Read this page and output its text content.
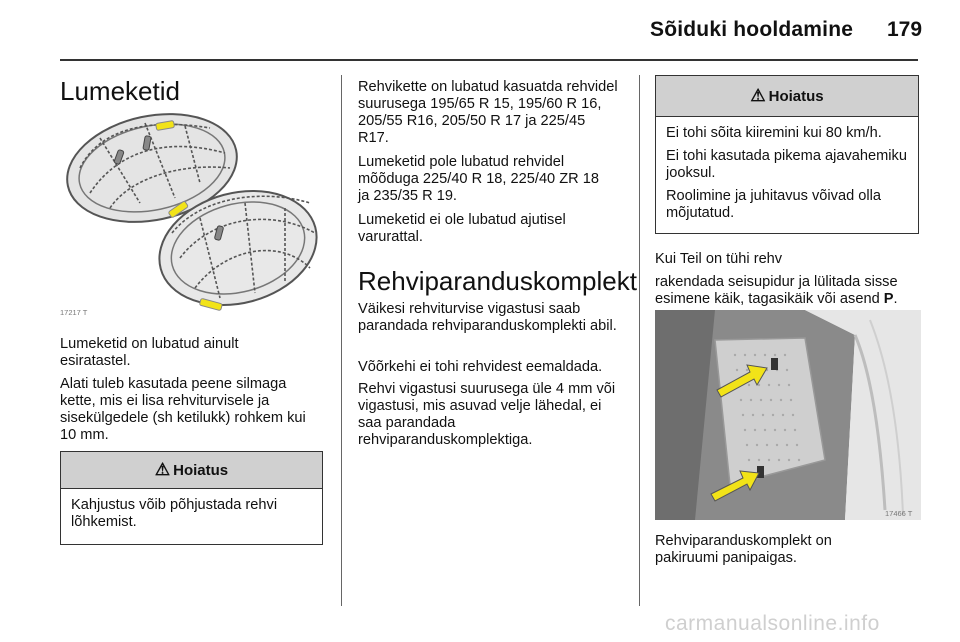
Sõiduki hooldamine 179
Lumeketid
17217 T

Lumeketid on lubatud ainult esiratastel.

Alati tuleb kasutada peene silmaga kette, mis ei lisa rehviturvisele ja sisekülgedele (sh ketilukk) rohkem kui 10 mm.

⚠ Hoiatus

Kahjustus võib põhjustada rehvi lõhkemist.

Rehvikette on lubatud kasuatda rehvidel suurusega 195/65 R 15, 195/60 R 16, 205/55 R16, 205/50 R 17 ja 225/45 R17.

Lumeketid pole lubatud rehvidel mõõduga 225/40 R 18, 225/40 ZR 18 ja 235/35 R 19.

Lumeketid ei ole lubatud ajutisel varurattal.

Rehviparanduskomplekt

Väikesi rehviturvise vigastusi saab parandada rehviparanduskomplekti abil.

Võõrkehi ei tohi rehvidest eemaldada.

Rehvi vigastusi suurusega üle 4 mm või vigastusi, mis asuvad velje lähedal, ei saa parandada rehviparanduskomplektiga.

⚠ Hoiatus

Ei tohi sõita kiiremini kui 80 km/h.

Ei tohi kasutada pikema ajavahemiku jooksul.

Roolimine ja juhitavus võivad olla mõjutatud.

Kui Teil on tühi rehv

rakendada seisupidur ja lülitada sisse esimene käik, tagasikäik või asend P.

17466 T

Rehviparanduskomplekt on pakiruumi panipaigas.

carmanualsonline.info
